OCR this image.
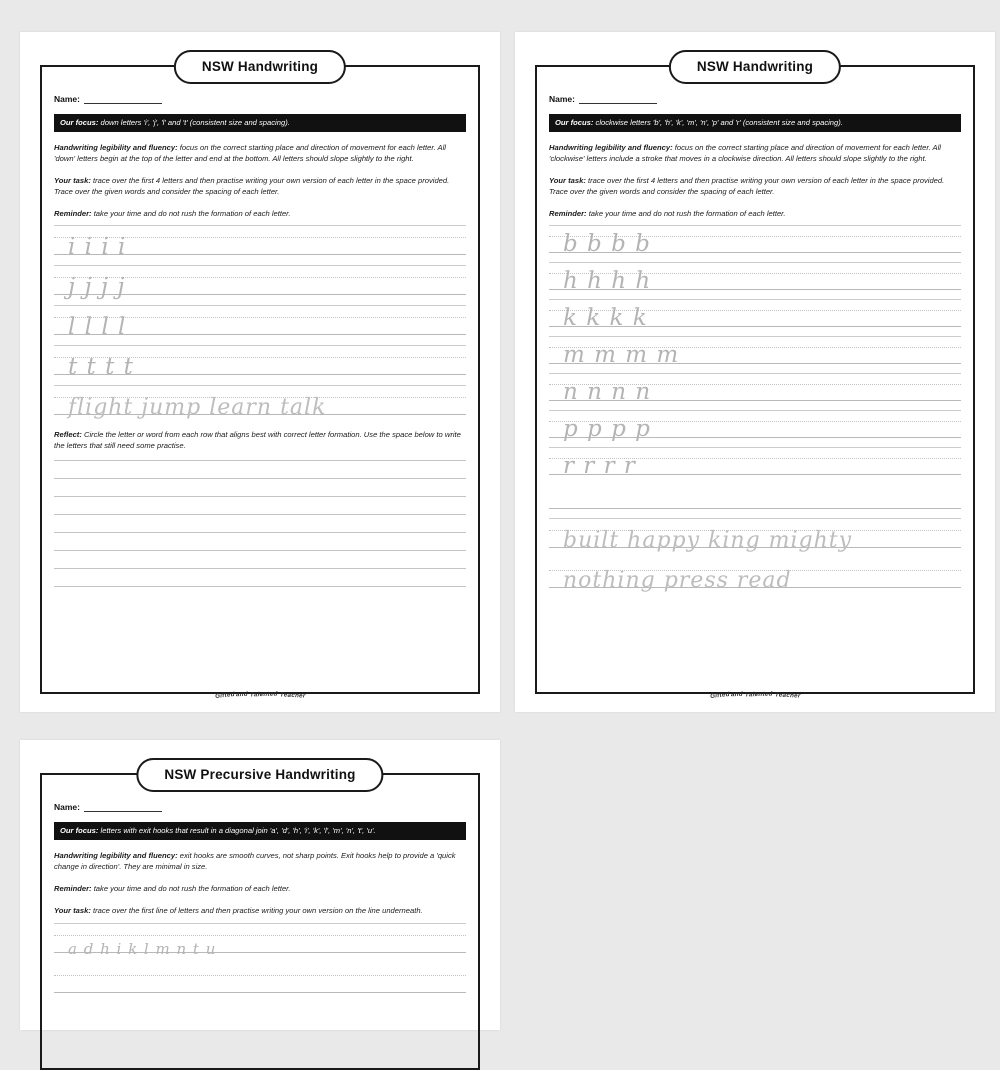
NSW Handwriting
Name:
Our focus: down letters 'i', 'j', 'l' and 't' (consistent size and spacing).
Handwriting legibility and fluency: focus on the correct starting place and direction of movement for each letter. All 'down' letters begin at the top of the letter and end at the bottom. All letters should slope slightly to the right.
Your task: trace over the first 4 letters and then practise writing your own version of each letter in the space provided. Trace over the given words and consider the spacing of each letter.
Reminder: take your time and do not rush the formation of each letter.
i i i i
j j j j
l l l l
t t t t
flight jump learn talk
Reflect: Circle the letter or word from each row that aligns best with correct letter formation. Use the space below to write the letters that still need some practise.
Gifted and Talented Teacher
NSW Handwriting
Name:
Our focus: clockwise letters 'b', 'h', 'k', 'm', 'n', 'p' and 'r' (consistent size and spacing).
Handwriting legibility and fluency: focus on the correct starting place and direction of movement for each letter. All 'clockwise' letters include a stroke that moves in a clockwise direction. All letters should slope slightly to the right.
Your task: trace over the first 4 letters and then practise writing your own version of each letter in the space provided. Trace over the given words and consider the spacing of each letter.
Reminder: take your time and do not rush the formation of each letter.
b b b b
h h h h
k k k k
m m m m
n n n n
p p p p
r r r r
built happy king mighty
nothing press read
Gifted and Talented Teacher
NSW Precursive Handwriting
Name:
Our focus: letters with exit hooks that result in a diagonal join 'a', 'd', 'h', 'i', 'k', 'l', 'm', 'n', 't', 'u'.
Handwriting legibility and fluency: exit hooks are smooth curves, not sharp points. Exit hooks help to provide a 'quick change in direction'. They are minimal in size.
Reminder: take your time and do not rush the formation of each letter.
Your task: trace over the first line of letters and then practise writing your own version on the line underneath.
a d h i k l m n t u
